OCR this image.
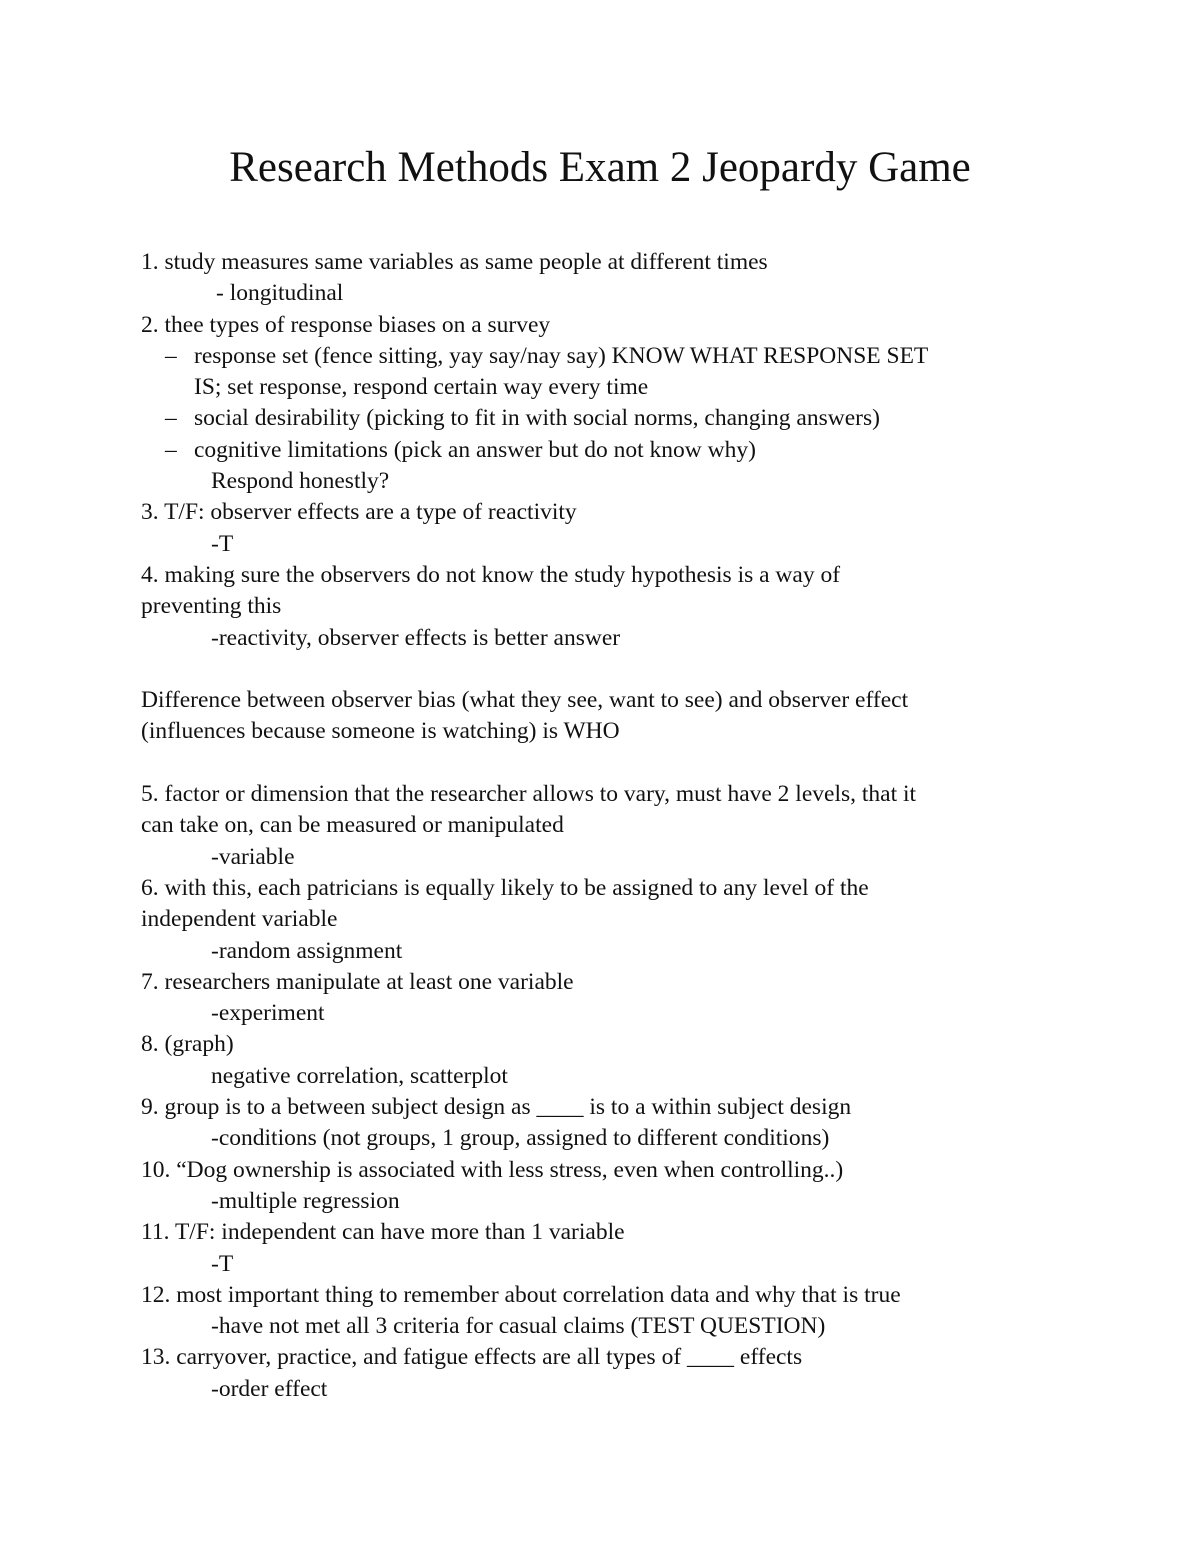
Research Methods Exam 2 Jeopardy Game
1. study measures same variables as same people at different times
- longitudinal
2. thee types of response biases on a survey
– response set (fence sitting, yay say/nay say) KNOW WHAT RESPONSE SET
IS; set response, respond certain way every time
– social desirability (picking to fit in with social norms, changing answers)
– cognitive limitations (pick an answer but do not know why)
Respond honestly?
3. T/F: observer effects are a type of reactivity
-T
4. making sure the observers do not know the study hypothesis is a way of
preventing this
-reactivity, observer effects is better answer
Difference between observer bias (what they see, want to see) and observer effect
(influences because someone is watching) is WHO
5. factor or dimension that the researcher allows to vary, must have 2 levels, that it
can take on, can be measured or manipulated
-variable
6. with this, each patricians is equally likely to be assigned to any level of the
independent variable
-random assignment
7. researchers manipulate at least one variable
-experiment
8. (graph)
negative correlation, scatterplot
9. group is to a between subject design as ____ is to a within subject design
-conditions (not groups, 1 group, assigned to different conditions)
10. “Dog ownership is associated with less stress, even when controlling..)
-multiple regression
11. T/F: independent can have more than 1 variable
-T
12. most important thing to remember about correlation data and why that is true
-have not met all 3 criteria for casual claims (TEST QUESTION)
13. carryover, practice, and fatigue effects are all types of ____ effects
-order effect
